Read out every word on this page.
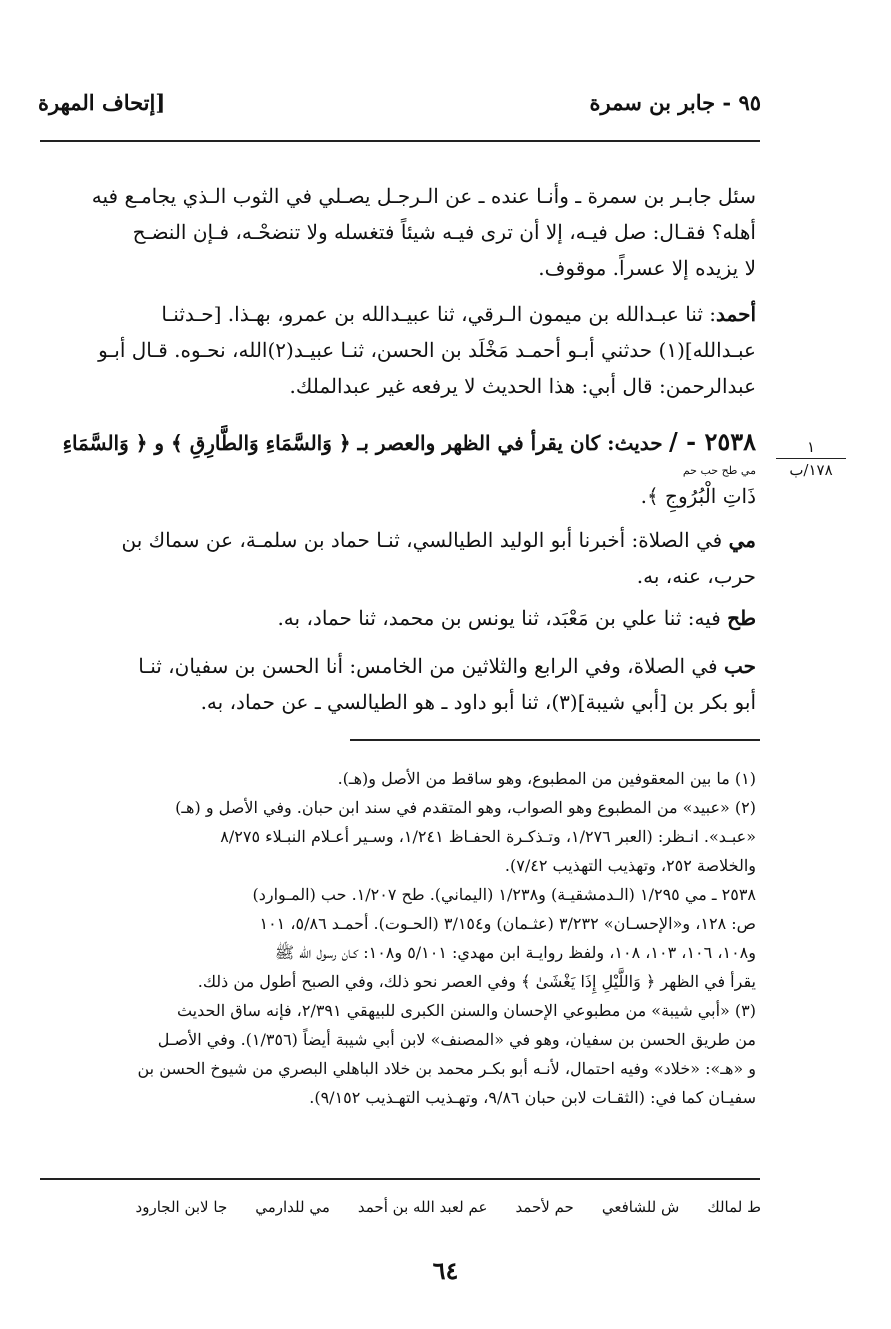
٩٥ - جابر بن سمرة
[إتحاف المهرة
سئل جابـر بن سمرة ـ وأنـا عنده ـ عن الـرجـل يصـلي في الثوب الـذي يجامـع فيه
أهله؟ فقـال: صل فيـه، إلا أن ترى فيـه شيئاً فتغسله ولا تنضحْـه، فـإن النضـح
لا يزيده إلا عسراً. موقوف.
أحمد: ثنا عبـدالله بن ميمون الـرقي، ثنا عبيـدالله بن عمرو، بهـذا. [حـدثنـا
عبـدالله](١) حدثني أبـو أحمـد مَخْلَد بن الحسن، ثنـا عبيـد(٢)الله، نحـوه. قـال أبـو
عبدالرحمن: قال أبي: هذا الحديث لا يرفعه غير عبدالملك.
١
١٧٨/ب
٢٥٣٨ - / حديث: كان يقرأ في الظهر والعصر بـ ﴿ وَالسَّمَاءِ وَالطَّارِقِ ﴾ و ﴿ وَالسَّمَاءِ
مي طح حب حم
ذَاتِ الْبُرُوجِ ﴾.
مي في الصلاة: أخبرنا أبو الوليد الطيالسي، ثنـا حماد بن سلمـة، عن سماك بن
حرب، عنه، به.
طح فيه: ثنا علي بن مَعْبَد، ثنا يونس بن محمد، ثنا حماد، به.
حب في الصلاة، وفي الرابع والثلاثين من الخامس: أنا الحسن بن سفيان، ثنـا
أبو بكر بن [أبي شيبة](٣)، ثنا أبو داود ـ هو الطيالسي ـ عن حماد، به.
(١) ما بين المعقوفين من المطبوع، وهو ساقط من الأصل و(هـ).
(٢) «عبيد» من المطبوع وهو الصواب، وهو المتقدم في سند ابن حبان. وفي الأصل و (هـ)
«عبـد». انـظر: (العبر ١/٢٧٦، وتـذكـرة الحفـاظ ١/٢٤١، وسـير أعـلام النبـلاء ٨/٢٧٥
والخلاصة ٢٥٢، وتهذيب التهذيب ٧/٤٢).
٢٥٣٨ ـ مي ١/٢٩٥ (الـدمشقيـة) و١/٢٣٨ (اليماني). طح ١/٢٠٧. حب (المـوارد)
ص: ١٢٨، و«الإحسـان» ٣/٢٣٢ (عثـمان) و٣/١٥٤ (الحـوت). أحمـد ٥/٨٦، ١٠١
و١٠٨، ١٠٦، ١٠٣، ١٠٨، ولفظ روايـة ابن مهدي: ٥/١٠١ و١٠٨: كـان رسول الله ﷺ
يقرأ في الظهر ﴿ وَاللَّيْلِ إِذَا يَغْشَىٰ ﴾ وفي العصر نحو ذلك، وفي الصبح أطول من ذلك.
(٣) «أبي شيبة» من مطبوعي الإحسان والسنن الكبرى للبيهقي ٢/٣٩١، فإنه ساق الحديث
من طريق الحسن بن سفيان، وهو في «المصنف» لابن أبي شيبة أيضاً (١/٣٥٦). وفي الأصـل
و «هـ»: «خلاد» وفيه احتمال، لأنـه أبو بكـر محمد بن خلاد الباهلي البصري من شيوخ الحسن بن
سفيـان كما في: (الثقـات لابن حبان ٩/٨٦، وتهـذيب التهـذيب ٩/١٥٢).
ط لمالك
ش للشافعي
حم لأحمد
عم لعبد الله بن أحمد
مي للدارمي
جا لابن الجارود
٦٤
